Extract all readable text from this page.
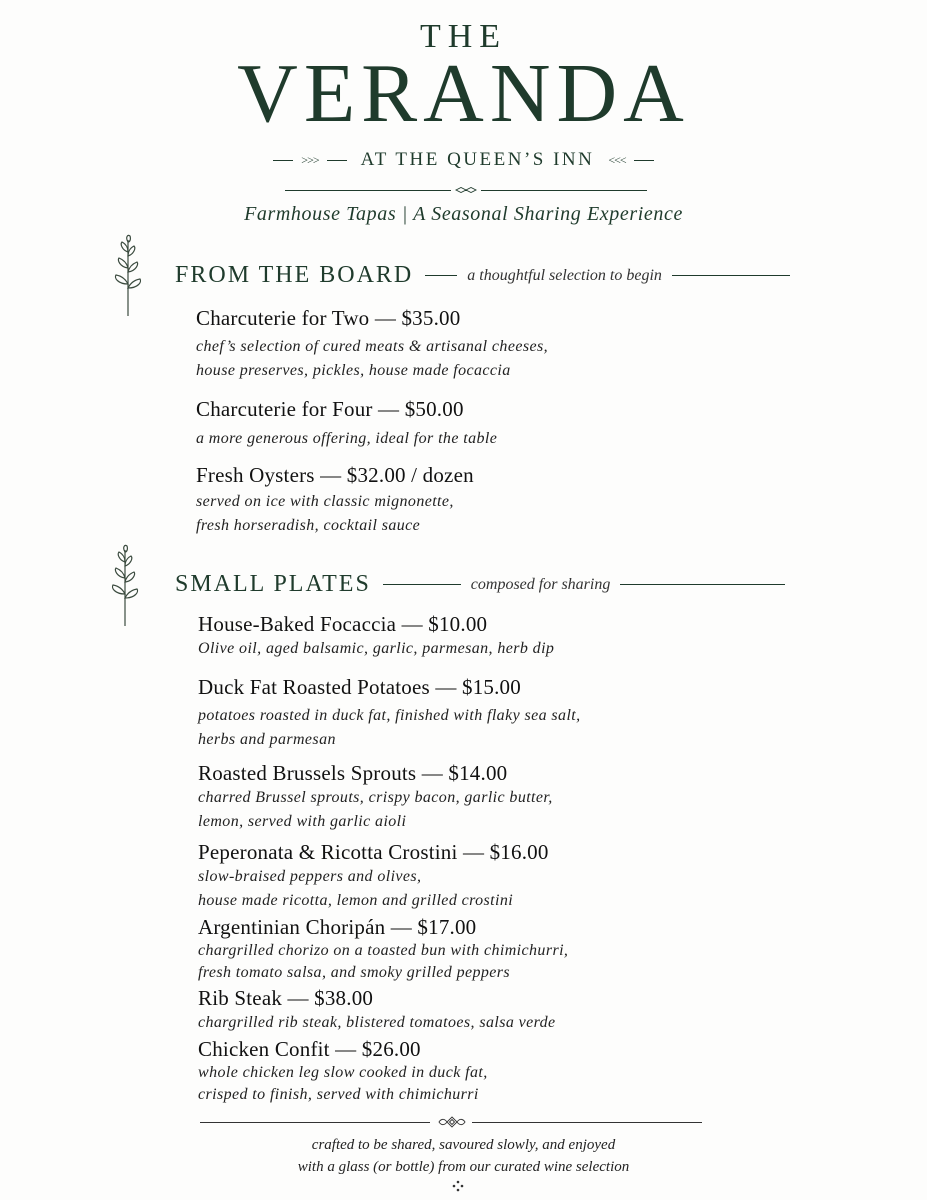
THE
VERANDA
>>>	AT THE QUEEN’S INN	<<<
Farmhouse Tapas | A Seasonal Sharing Experience
FROM THE BOARD	a thoughtful selection to begin
Charcuterie for Two — $35.00
chef’s selection of cured meats & artisanal cheeses,
house preserves, pickles, house made focaccia
Charcuterie for Four — $50.00
a more generous offering, ideal for the table
Fresh Oysters — $32.00 / dozen
served on ice with classic mignonette,
fresh horseradish, cocktail sauce
SMALL PLATES	composed for sharing
House-Baked Focaccia — $10.00
Olive oil, aged balsamic, garlic, parmesan, herb dip
Duck Fat Roasted Potatoes — $15.00
potatoes roasted in duck fat, finished with flaky sea salt,
herbs and parmesan
Roasted Brussels Sprouts — $14.00
charred Brussel sprouts, crispy bacon, garlic butter,
lemon, served with garlic aioli
Peperonata & Ricotta Crostini — $16.00
slow-braised peppers and olives,
house made ricotta, lemon and grilled crostini
Argentinian Choripán — $17.00
chargrilled chorizo on a toasted bun with chimichurri,
fresh tomato salsa, and smoky grilled peppers
Rib Steak — $38.00
chargrilled rib steak, blistered tomatoes, salsa verde
Chicken Confit — $26.00
whole chicken leg slow cooked in duck fat,
crisped to finish, served with chimichurri
crafted to be shared, savoured slowly, and enjoyed
with a glass (or bottle) from our curated wine selection
